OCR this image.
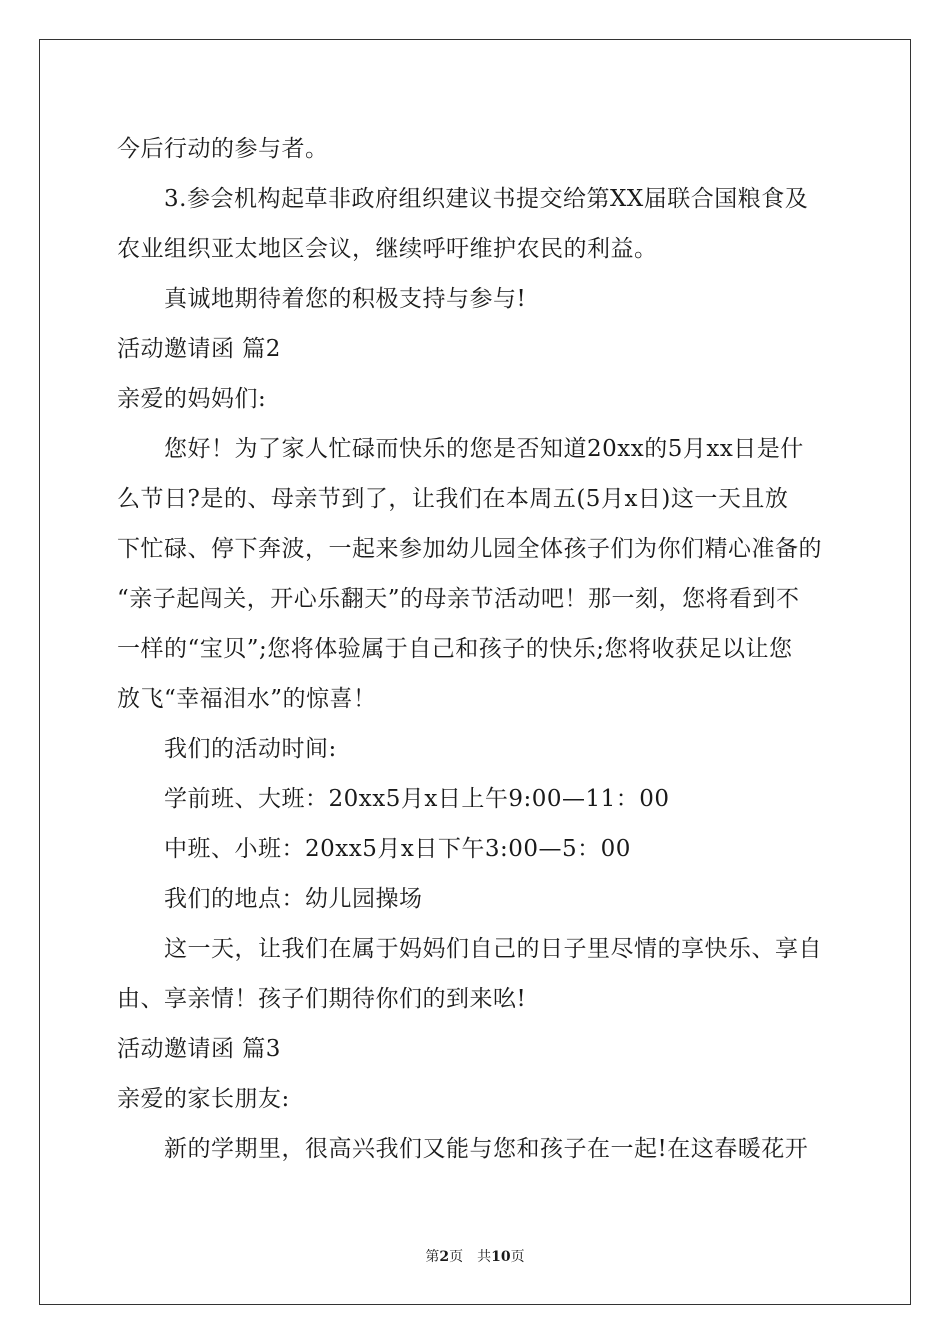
今后行动的参与者。
3.参会机构起草非政府组织建议书提交给第XX届联合国粮食及
农业组织亚太地区会议，继续呼吁维护农民的利益。
真诚地期待着您的积极支持与参与!
活动邀请函 篇2
亲爱的妈妈们:
您好！为了家人忙碌而快乐的您是否知道20xx的5月xx日是什
么节日?是的、母亲节到了，让我们在本周五(5月x日)这一天且放
下忙碌、停下奔波，一起来参加幼儿园全体孩子们为你们精心准备的
“亲子起闯关，开心乐翻天”的母亲节活动吧！那一刻，您将看到不
一样的“宝贝”;您将体验属于自己和孩子的快乐;您将收获足以让您
放飞“幸福泪水”的惊喜！
我们的活动时间:
学前班、大班：20xx5月x日上午9:00—11：00
中班、小班：20xx5月x日下午3:00—5：00
我们的地点：幼儿园操场
这一天，让我们在属于妈妈们自己的日子里尽情的享快乐、享自
由、享亲情！孩子们期待你们的到来吆!
活动邀请函 篇3
亲爱的家长朋友:
新的学期里，很高兴我们又能与您和孩子在一起!在这春暖花开
第2页　共10页
